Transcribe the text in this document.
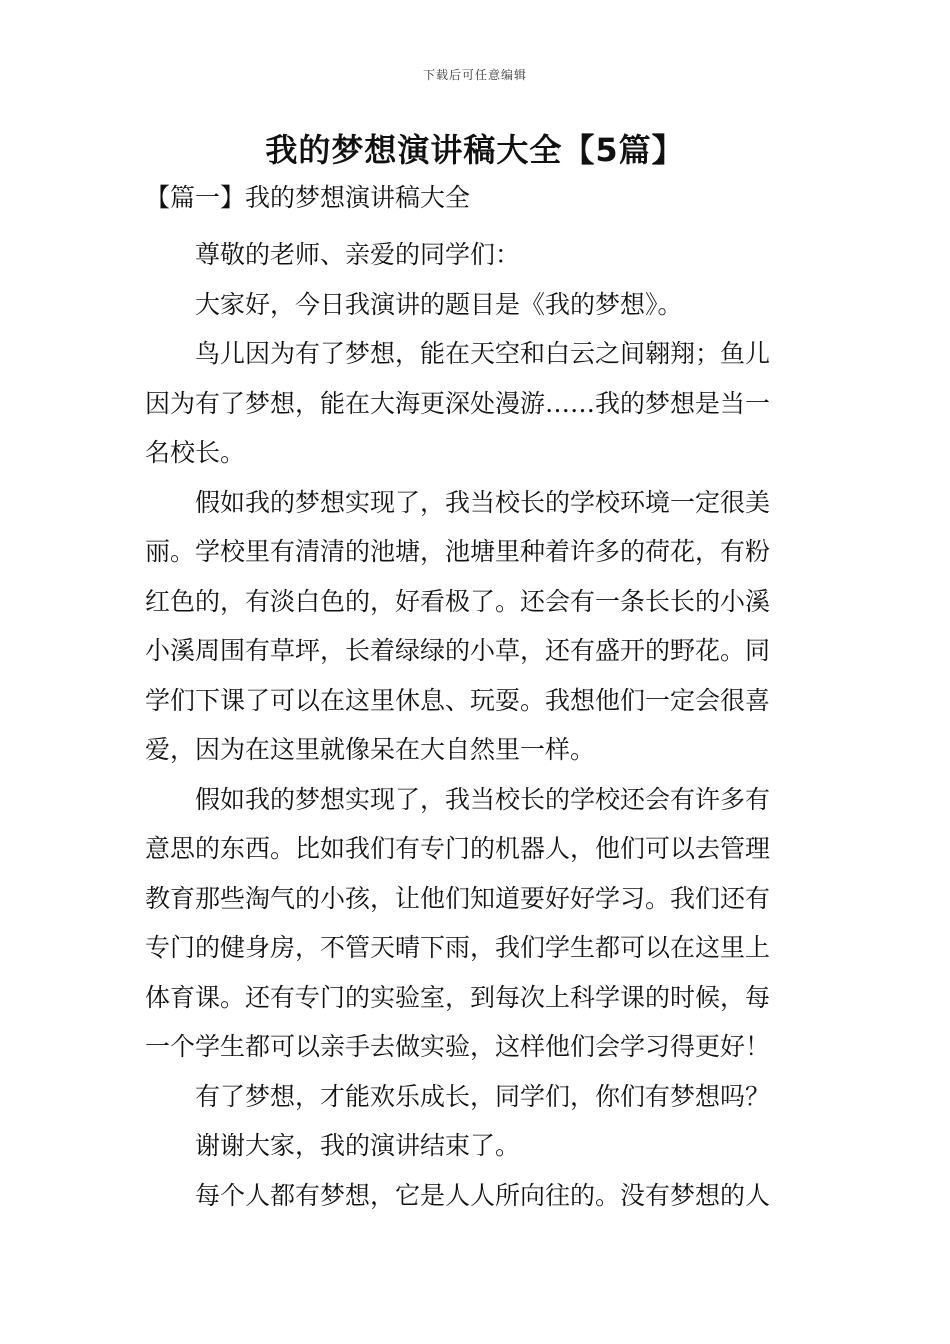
下载后可任意编辑
我的梦想演讲稿大全【5篇】
【篇一】我的梦想演讲稿大全

尊敬的老师、亲爱的同学们：

大家好，今日我演讲的题目是《我的梦想》。

鸟儿因为有了梦想，能在天空和白云之间翱翔；鱼儿
因为有了梦想，能在大海更深处漫游……我的梦想是当一
名校长。

假如我的梦想实现了，我当校长的学校环境一定很美
丽。学校里有清清的池塘，池塘里种着许多的荷花，有粉
红色的，有淡白色的，好看极了。还会有一条长长的小溪
小溪周围有草坪，长着绿绿的小草，还有盛开的野花。同
学们下课了可以在这里休息、玩耍。我想他们一定会很喜
爱，因为在这里就像呆在大自然里一样。

假如我的梦想实现了，我当校长的学校还会有许多有
意思的东西。比如我们有专门的机器人，他们可以去管理
教育那些淘气的小孩，让他们知道要好好学习。我们还有
专门的健身房，不管天晴下雨，我们学生都可以在这里上
体育课。还有专门的实验室，到每次上科学课的时候，每
一个学生都可以亲手去做实验，这样他们会学习得更好！

有了梦想，才能欢乐成长，同学们，你们有梦想吗？

谢谢大家，我的演讲结束了。

每个人都有梦想，它是人人所向往的。没有梦想的人
